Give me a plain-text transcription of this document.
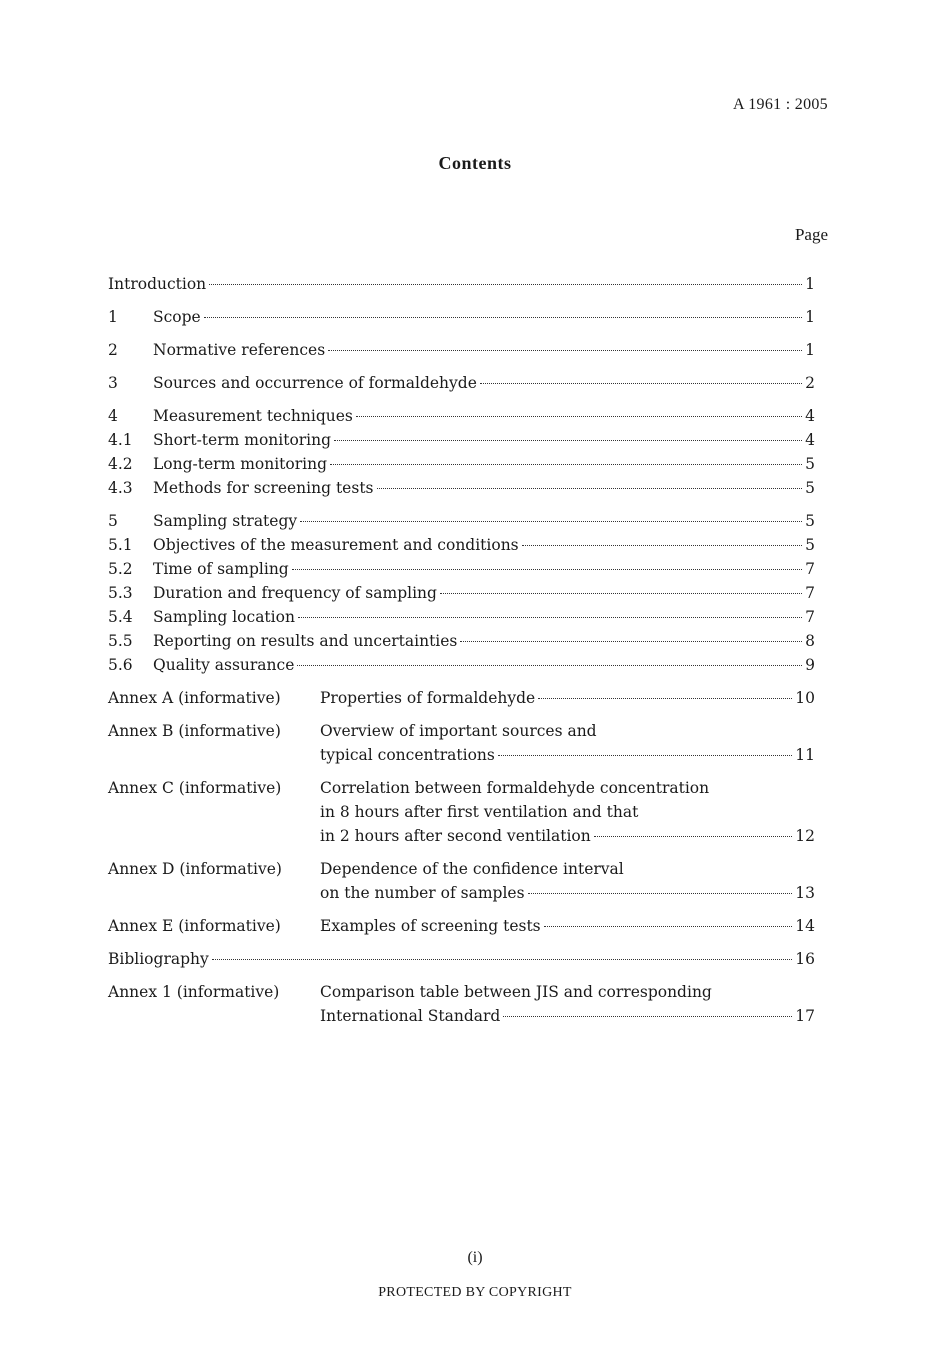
A 1961 : 2005
Contents
Page
Introduction	1
1	Scope	1
2	Normative references	1
3	Sources and occurrence of formaldehyde	2
4	Measurement techniques	4
4.1	Short-term monitoring	4
4.2	Long-term monitoring	5
4.3	Methods for screening tests	5
5	Sampling strategy	5
5.1	Objectives of the measurement and conditions	5
5.2	Time of sampling	7
5.3	Duration and frequency of sampling	7
5.4	Sampling location	7
5.5	Reporting on results and uncertainties	8
5.6	Quality assurance	9
Annex A (informative)	Properties of formaldehyde	10
Annex B (informative)	Overview of important sources and
typical concentrations	11
Annex C (informative)	Correlation between formaldehyde concentration
in 8 hours after first ventilation and that
in 2 hours after second ventilation	12
Annex D (informative)	Dependence of the confidence interval
on the number of samples	13
Annex E (informative)	Examples of screening tests	14
Bibliography	16
Annex 1 (informative)	Comparison table between JIS and corresponding
International Standard	17
(i)
PROTECTED BY COPYRIGHT
